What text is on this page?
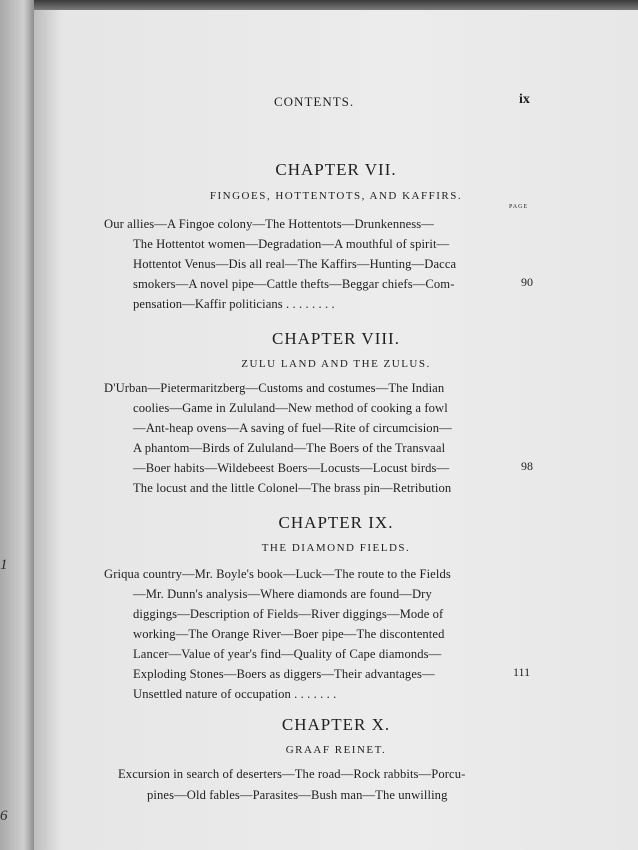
1
6
CONTENTS.	ix
CHAPTER VII.
FINGOES, HOTTENTOTS, AND KAFFIRS.
PAGE
Our allies—A Fingoe colony—The Hottentots—Drunkenness—
The Hottentot women—Degradation—A mouthful of spirit—
Hottentot Venus—Dis all real—The Kaffirs—Hunting—Dacca
smokers—A novel pipe—Cattle thefts—Beggar chiefs—Com-
pensation—Kaffir politicians . . . . . . . .
90
CHAPTER VIII.
ZULU LAND AND THE ZULUS.
D'Urban—Pietermaritzberg—Customs and costumes—The Indian
coolies—Game in Zululand—New method of cooking a fowl
—Ant-heap ovens—A saving of fuel—Rite of circumcision—
A phantom—Birds of Zululand—The Boers of the Transvaal
—Boer habits—Wildebeest Boers—Locusts—Locust birds—
The locust and the little Colonel—The brass pin—Retribution
98
CHAPTER IX.
THE DIAMOND FIELDS.
Griqua country—Mr. Boyle's book—Luck—The route to the Fields
—Mr. Dunn's analysis—Where diamonds are found—Dry
diggings—Description of Fields—River diggings—Mode of
working—The Orange River—Boer pipe—The discontented
Lancer—Value of year's find—Quality of Cape diamonds—
Exploding Stones—Boers as diggers—Their advantages—
Unsettled nature of occupation . . . . . . .
111
CHAPTER X.
GRAAF REINET.
Excursion in search of deserters—The road—Rock rabbits—Porcu-
pines—Old fables—Parasites—Bush man—The unwilling
